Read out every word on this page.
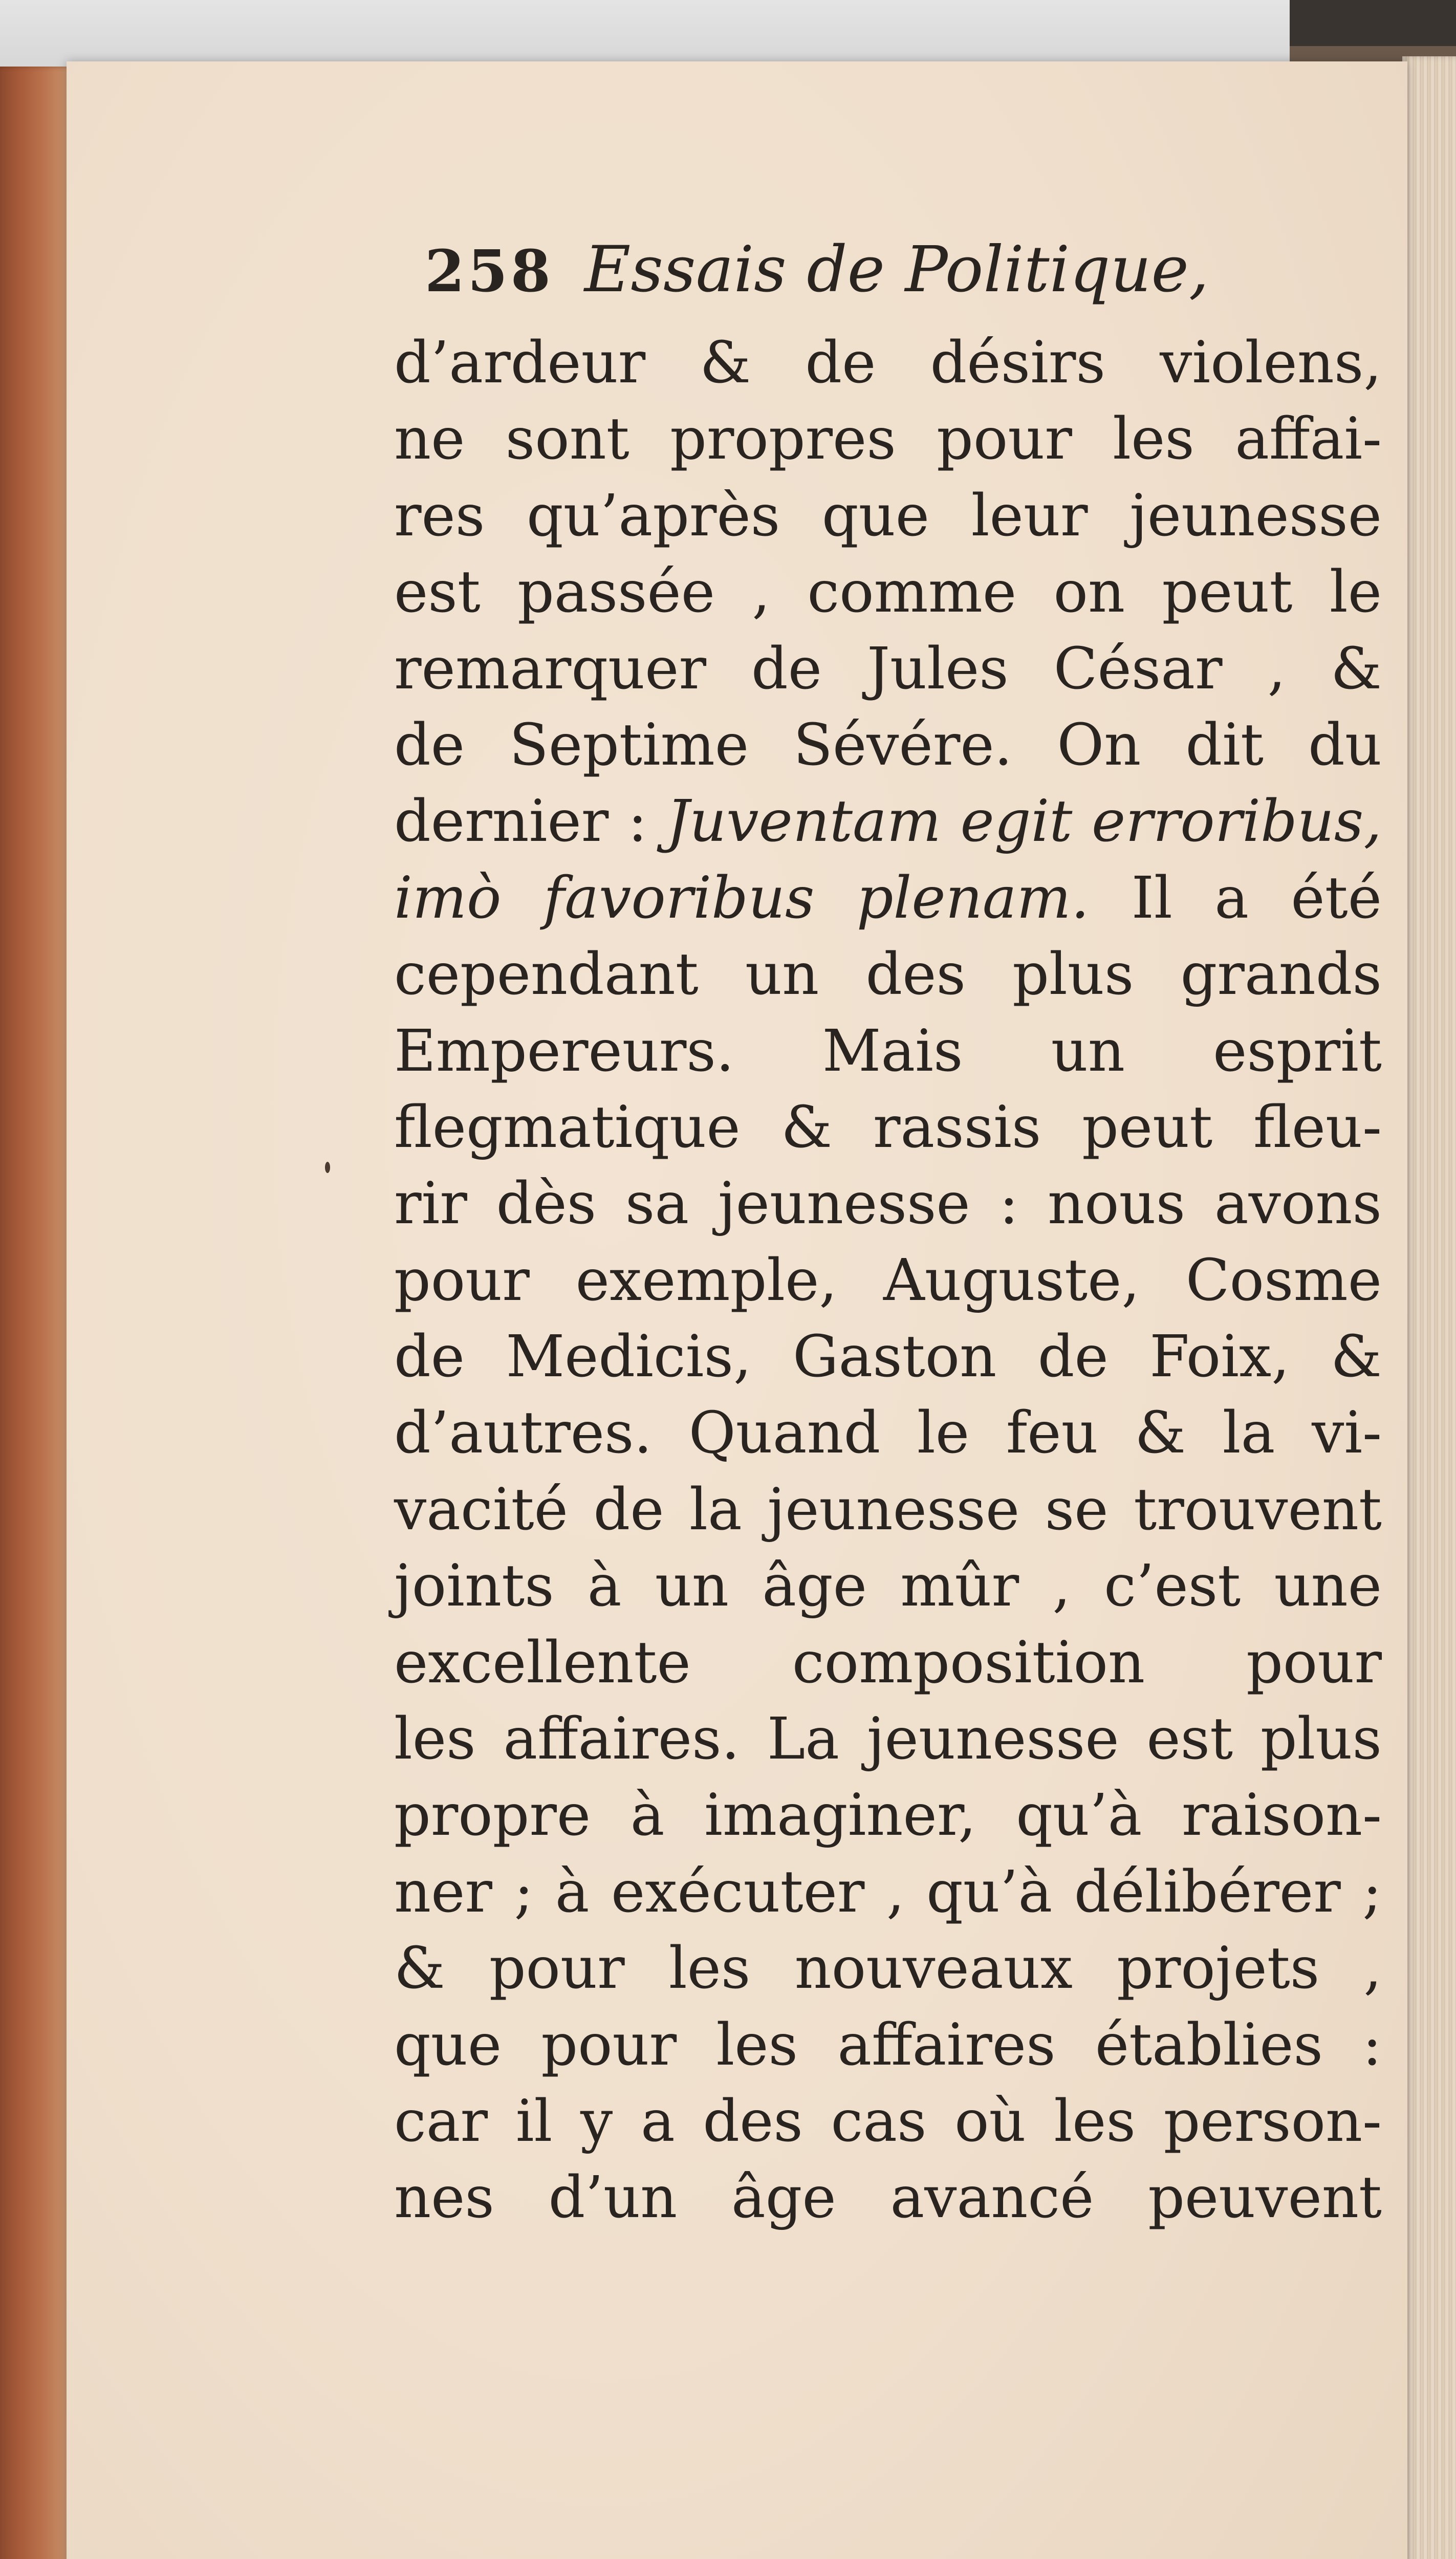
258 Essais de Politique,
d’ardeur & de désirs violens,
ne sont propres pour les affai-
res qu’après que leur jeunesse
est passée , comme on peut le
remarquer de Jules César , &
de Septime Sévére. On dit du
dernier : Juventam egit erroribus,
imò favoribus plenam. Il a été
cependant un des plus grands
Empereurs. Mais un esprit
flegmatique & rassis peut fleu-
rir dès sa jeunesse : nous avons
pour exemple, Auguste, Cosme
de Medicis, Gaston de Foix, &
d’autres. Quand le feu & la vi-
vacité de la jeunesse se trouvent
joints à un âge mûr , c’est une
excellente composition pour
les affaires. La jeunesse est plus
propre à imaginer, qu’à raison-
ner ; à exécuter , qu’à délibérer ;
& pour les nouveaux projets ,
que pour les affaires établies :
car il y a des cas où les person-
nes d’un âge avancé peuvent
